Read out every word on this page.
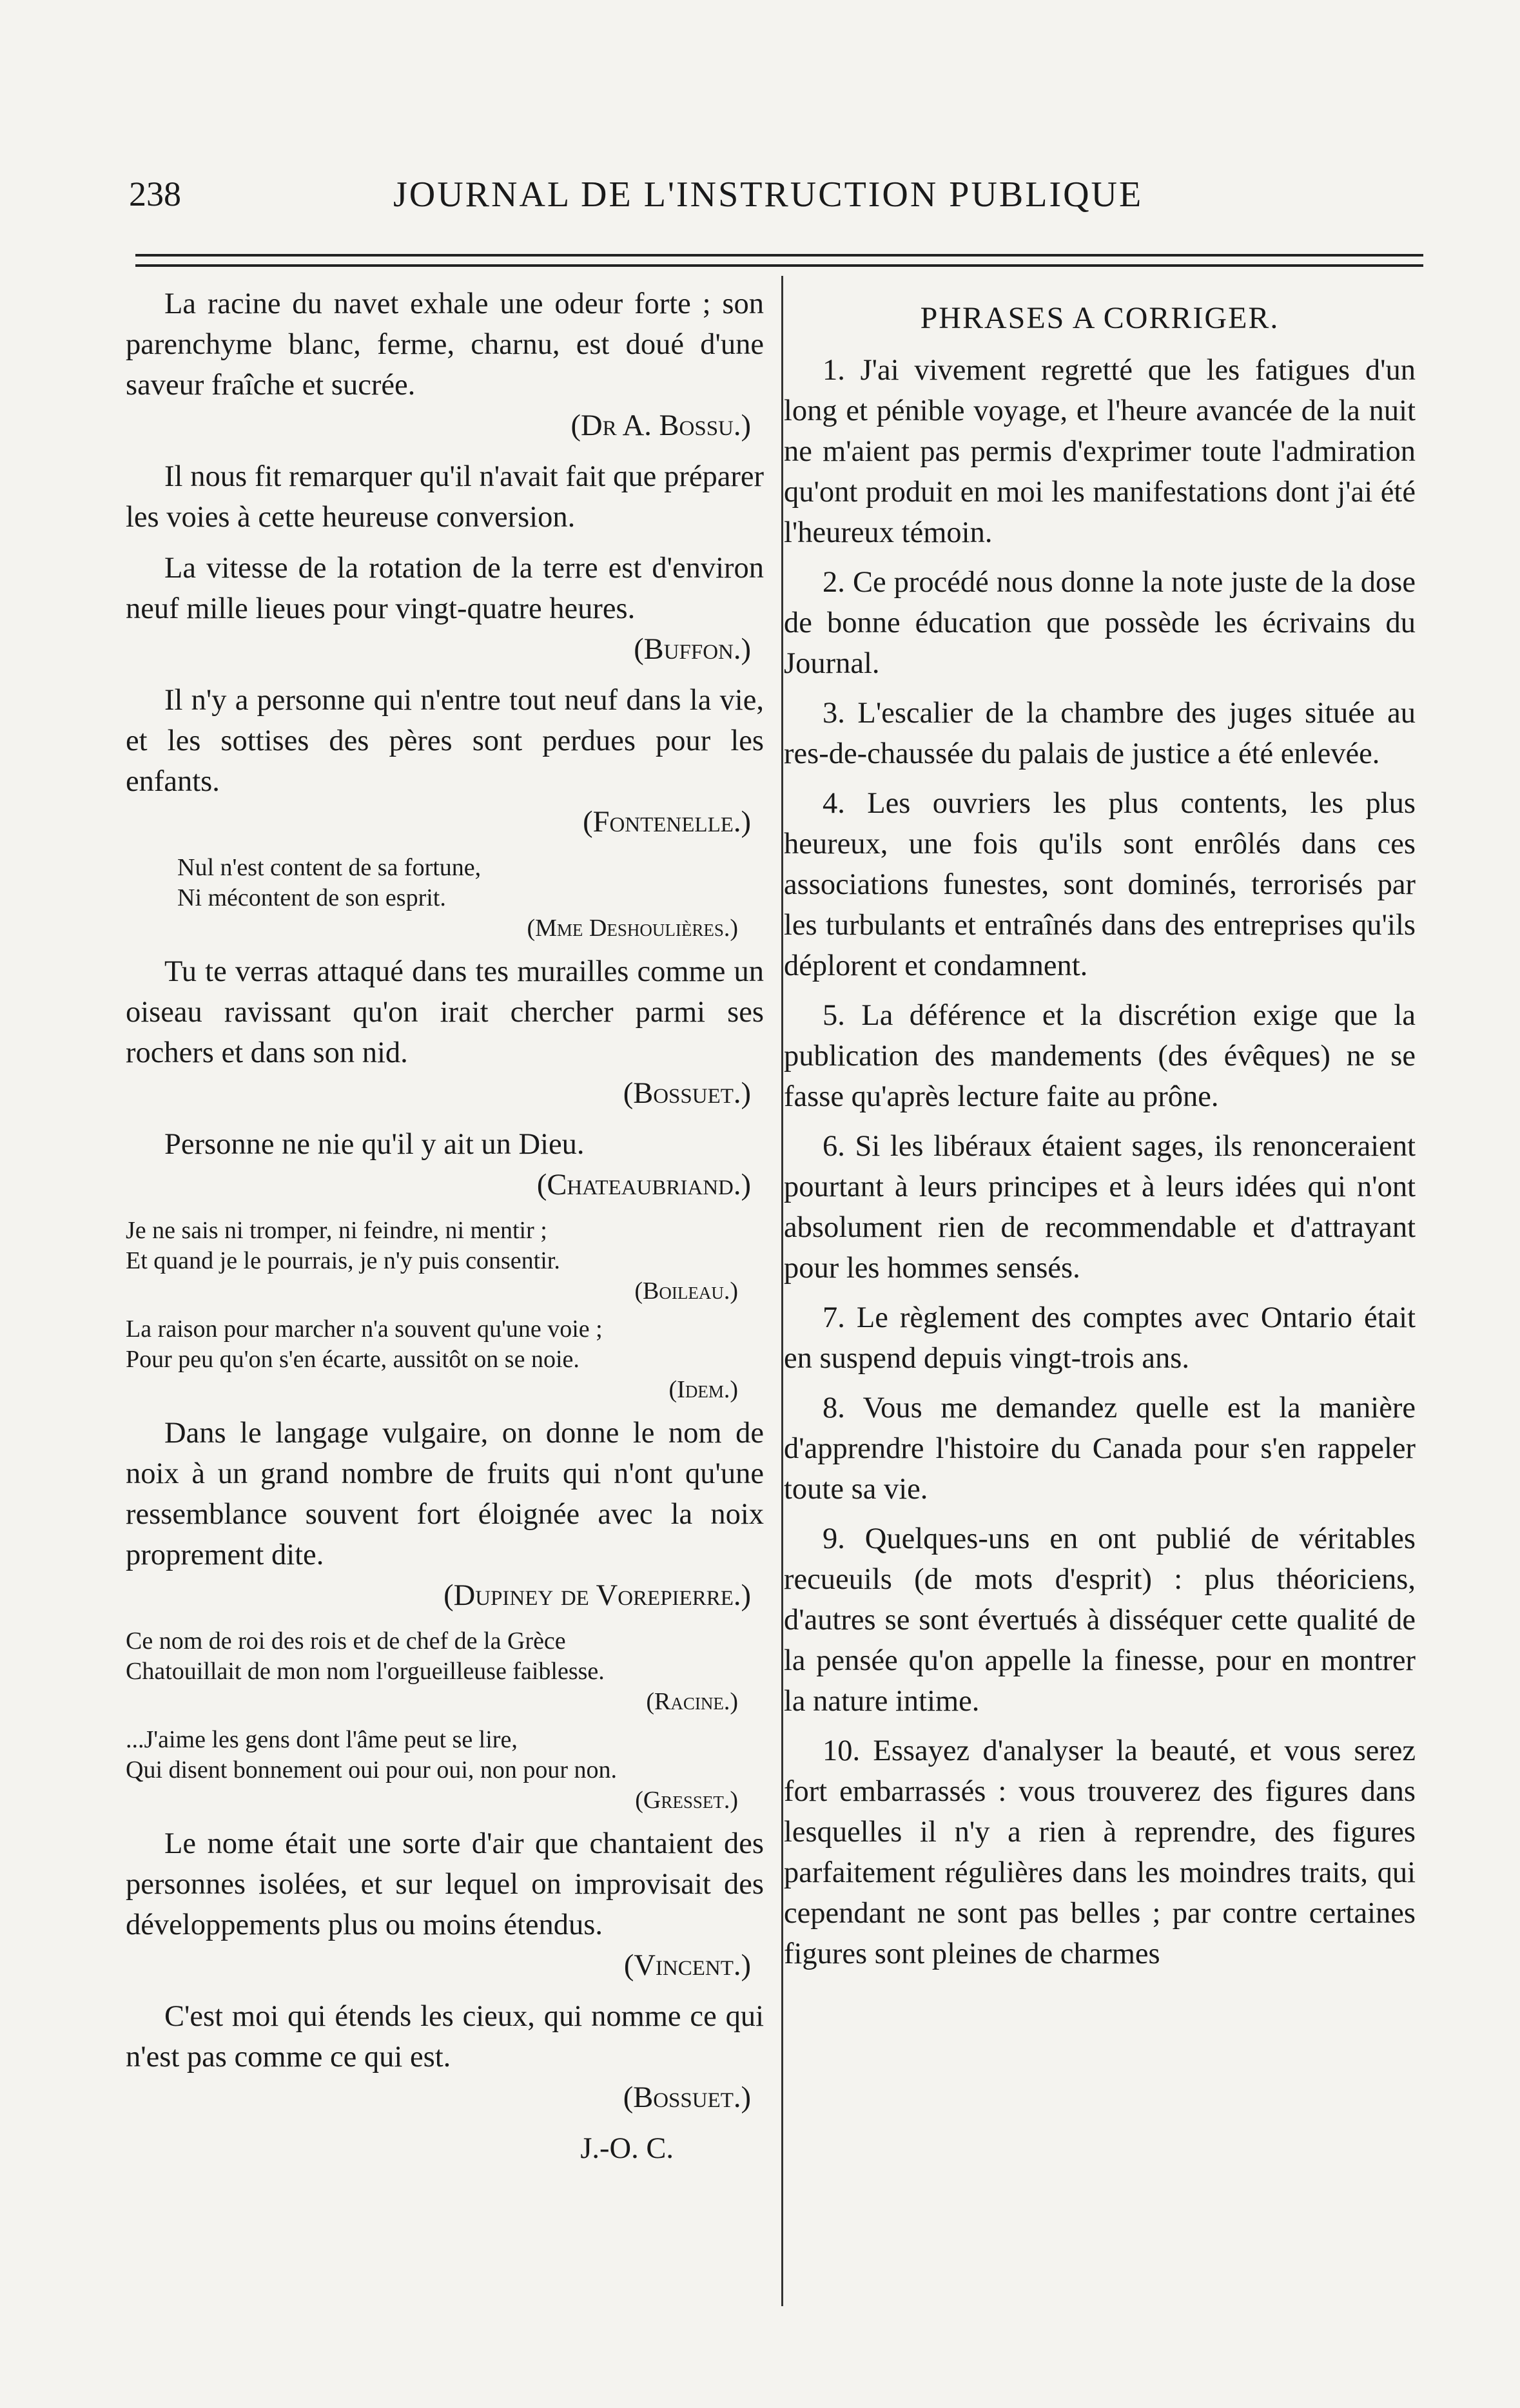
238	JOURNAL DE L'INSTRUCTION PUBLIQUE

La racine du navet exhale une odeur forte ; son parenchyme blanc, ferme, charnu, est doué d'une saveur fraîche et sucrée.
(Dr A. Bossu.)

Il nous fit remarquer qu'il n'avait fait que préparer les voies à cette heureuse conversion.

La vitesse de la rotation de la terre est d'environ neuf mille lieues pour vingt-quatre heures.
(Buffon.)

Il n'y a personne qui n'entre tout neuf dans la vie, et les sottises des pères sont perdues pour les enfants.
(Fontenelle.)

Nul n'est content de sa fortune,
Ni mécontent de son esprit.
(Mme Deshoulières.)

Tu te verras attaqué dans tes murailles comme un oiseau ravissant qu'on irait chercher parmi ses rochers et dans son nid.
(Bossuet.)

Personne ne nie qu'il y ait un Dieu.
(Chateaubriand.)

Je ne sais ni tromper, ni feindre, ni mentir ;
Et quand je le pourrais, je n'y puis consentir.
(Boileau.)
La raison pour marcher n'a souvent qu'une voie ;
Pour peu qu'on s'en écarte, aussitôt on se noie.
(Idem.)

Dans le langage vulgaire, on donne le nom de noix à un grand nombre de fruits qui n'ont qu'une ressemblance souvent fort éloignée avec la noix proprement dite.
(Dupiney de Vorepierre.)

Ce nom de roi des rois et de chef de la Grèce
Chatouillait de mon nom l'orgueilleuse faiblesse.
(Racine.)
...J'aime les gens dont l'âme peut se lire,
Qui disent bonnement oui pour oui, non pour non.
(Gresset.)

Le nome était une sorte d'air que chantaient des personnes isolées, et sur lequel on improvisait des développements plus ou moins étendus.
(Vincent.)

C'est moi qui étends les cieux, qui nomme ce qui n'est pas comme ce qui est.
(Bossuet.)

J.-O. C.

PHRASES A CORRIGER.

1. J'ai vivement regretté que les fatigues d'un long et pénible voyage, et l'heure avancée de la nuit ne m'aient pas permis d'exprimer toute l'admiration qu'ont produit en moi les manifestations dont j'ai été l'heureux témoin.

2. Ce procédé nous donne la note juste de la dose de bonne éducation que possède les écrivains du Journal.

3. L'escalier de la chambre des juges située au res-de-chaussée du palais de justice a été enlevée.

4. Les ouvriers les plus contents, les plus heureux, une fois qu'ils sont enrôlés dans ces associations funestes, sont dominés, terrorisés par les turbulants et entraînés dans des entreprises qu'ils déplorent et condamnent.

5. La déférence et la discrétion exige que la publication des mandements (des évêques) ne se fasse qu'après lecture faite au prône.

6. Si les libéraux étaient sages, ils renonceraient pourtant à leurs principes et à leurs idées qui n'ont absolument rien de recommendable et d'attrayant pour les hommes sensés.

7. Le règlement des comptes avec Ontario était en suspend depuis vingt-trois ans.

8. Vous me demandez quelle est la manière d'apprendre l'histoire du Canada pour s'en rappeler toute sa vie.

9. Quelques-uns en ont publié de véritables recueuils (de mots d'esprit) : plus théoriciens, d'autres se sont évertués à disséquer cette qualité de la pensée qu'on appelle la finesse, pour en montrer la nature intime.

10. Essayez d'analyser la beauté, et vous serez fort embarrassés : vous trouverez des figures dans lesquelles il n'y a rien à reprendre, des figures parfaitement régulières dans les moindres traits, qui cependant ne sont pas belles ; par contre certaines figures sont pleines de charmes
